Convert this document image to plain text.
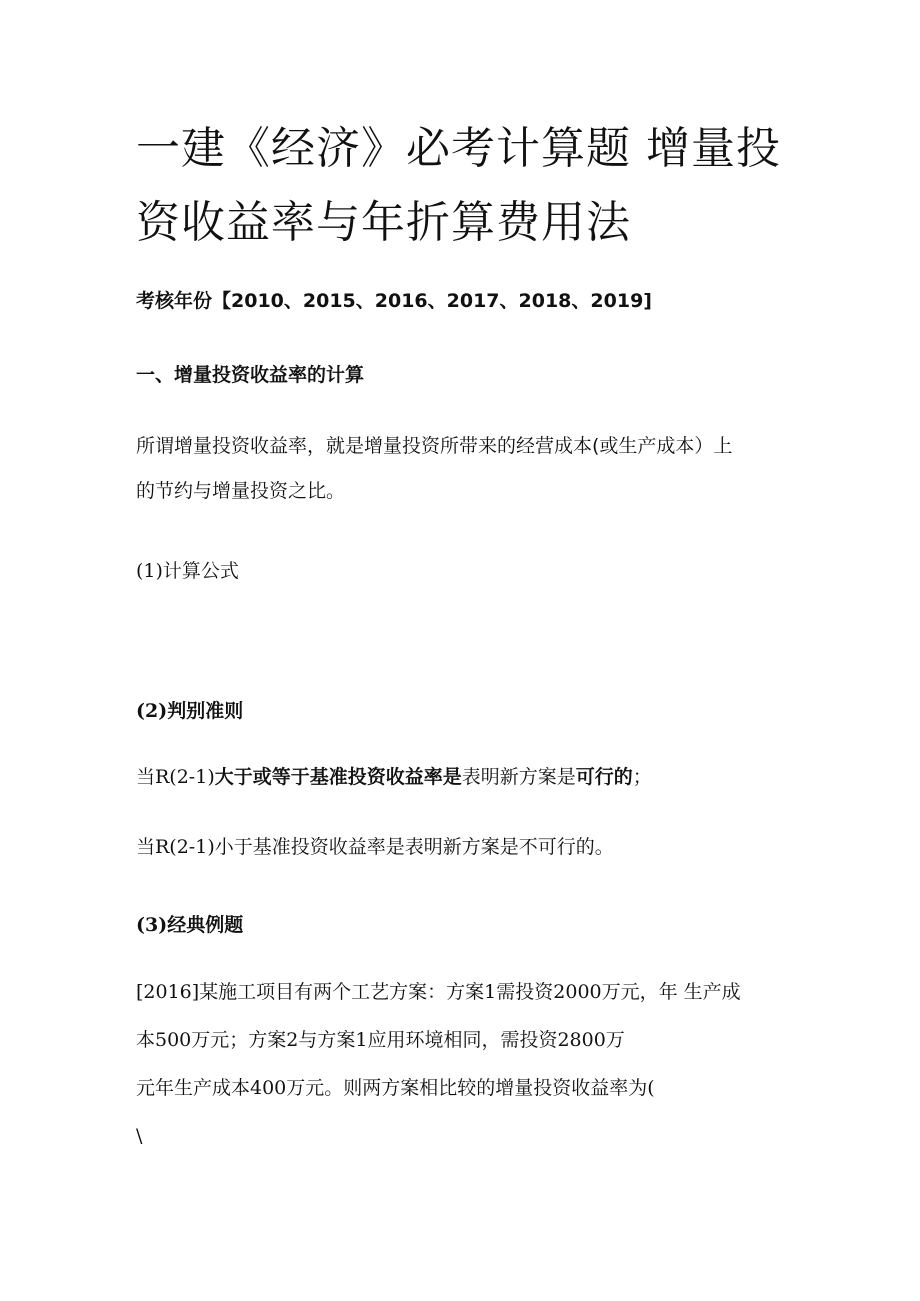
一建《经济》必考计算题 增量投资收益率与年折算费用法

考核年份【2010、2015、2016、2017、2018、2019]

一、增量投资收益率的计算

所谓增量投资收益率，就是增量投资所带来的经营成本(或生产成本）上
的节约与增量投资之比。

(1)计算公式

(2)判别准则

当R(2-1)大于或等于基准投资收益率是表明新方案是可行的；

当R(2-1)小于基准投资收益率是表明新方案是不可行的。

(3)经典例题

[2016]某施工项目有两个工艺方案：方案1需投资2000万元，年 生产成
本500万元；方案2与方案1应用环境相同，需投资2800万
元年生产成本400万元。则两方案相比较的增量投资收益率为(
\
